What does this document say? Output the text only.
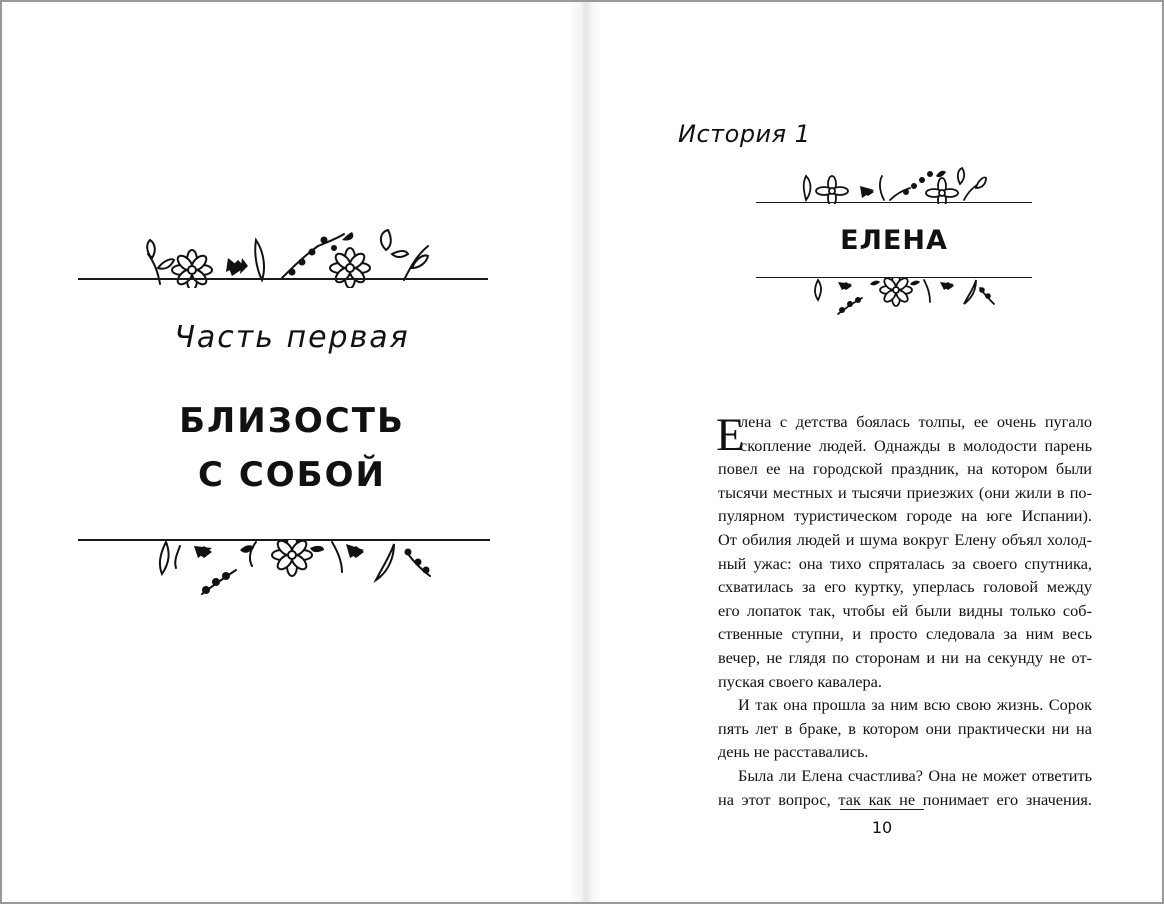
Часть первая
БЛИЗОСТЬ
С СОБОЙ
История 1
ЕЛЕНА
Е
лена с детства боялась толпы, ее очень пугало
скопление людей. Однажды в молодости парень
повел ее на городской праздник, на котором были
тысячи местных и тысячи приезжих (они жили в по-
пулярном туристическом городе на юге Испании).
От обилия людей и шума вокруг Елену объял холод-
ный ужас: она тихо спряталась за своего спутника,
схватилась за его куртку, уперлась головой между
его лопаток так, чтобы ей были видны только соб-
ственные ступни, и просто следовала за ним весь
вечер, не глядя по сторонам и ни на секунду не от-
пуская своего кавалера.
И так она прошла за ним всю свою жизнь. Сорок
пять лет в браке, в котором они практически ни на
день не расставались.
Была ли Елена счастлива? Она не может ответить
на этот вопрос, так как не понимает его значения.
10
